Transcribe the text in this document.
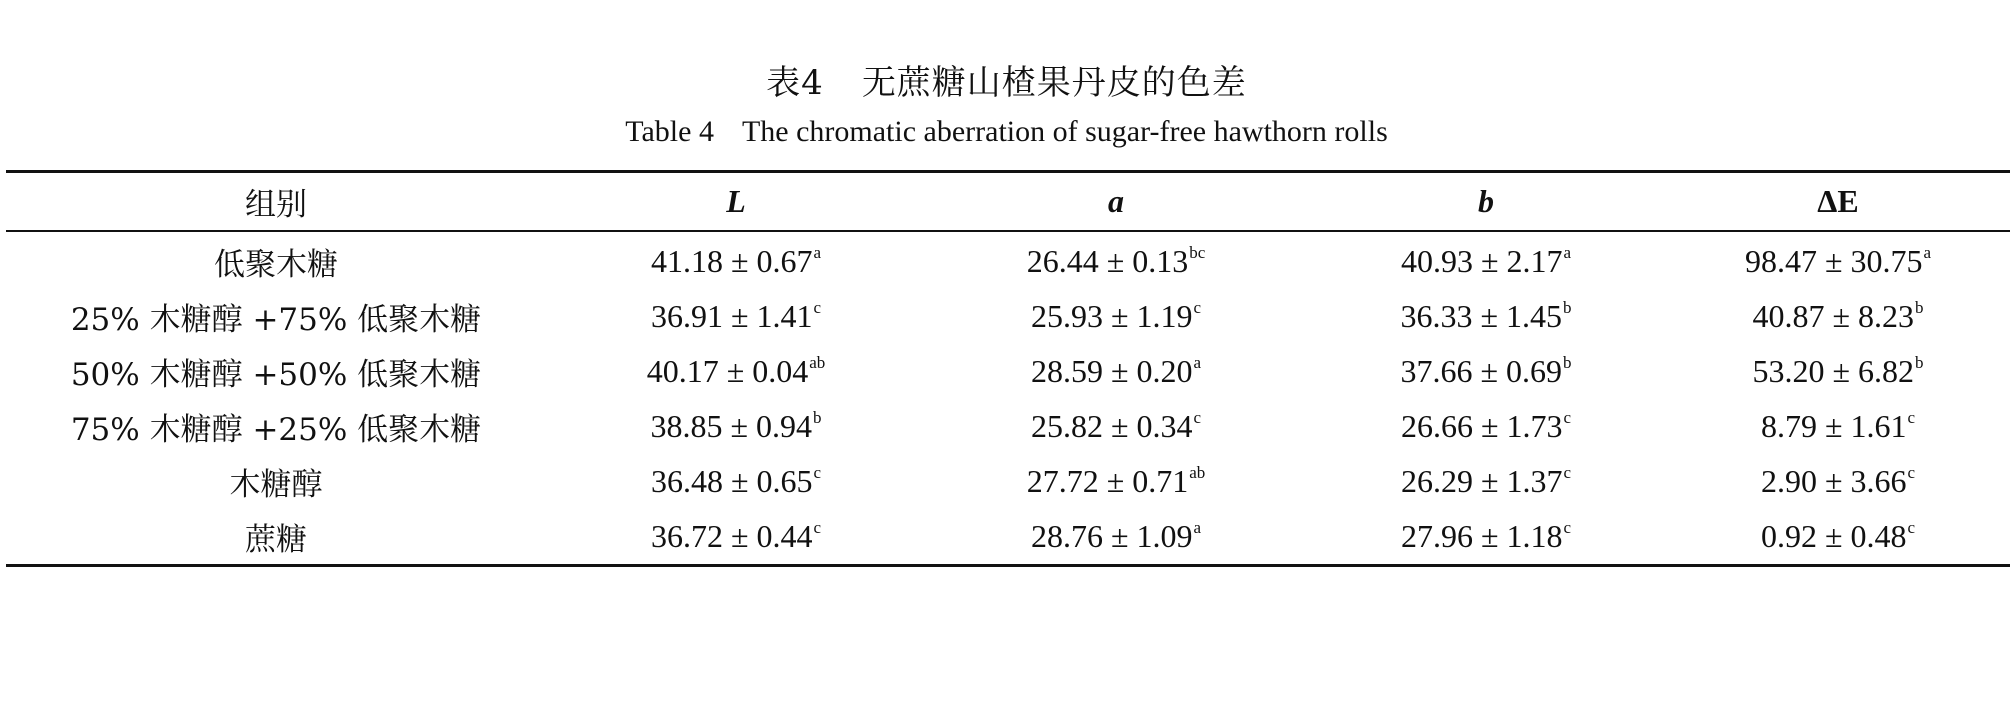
表4 无蔗糖山楂果丹皮的色差
Table 4 The chromatic aberration of sugar-free hawthorn rolls
组别	L	a	b	ΔE
低聚木糖	41.18 ± 0.67$^a$	26.44 ± 0.13$^{bc}$	40.93 ± 2.17$^a$	98.47 ± 30.75$^a$
25% 木糖醇 +75% 低聚木糖	36.91 ± 1.41$^c$	25.93 ± 1.19$^c$	36.33 ± 1.45$^b$	40.87 ± 8.23$^b$
50% 木糖醇 +50% 低聚木糖	40.17 ± 0.04$^{ab}$	28.59 ± 0.20$^a$	37.66 ± 0.69$^b$	53.20 ± 6.82$^b$
75% 木糖醇 +25% 低聚木糖	38.85 ± 0.94$^b$	25.82 ± 0.34$^c$	26.66 ± 1.73$^c$	8.79 ± 1.61$^c$
木糖醇	36.48 ± 0.65$^c$	27.72 ± 0.71$^{ab}$	26.29 ± 1.37$^c$	2.90 ± 3.66$^c$
蔗糖	36.72 ± 0.44$^c$	28.76 ± 1.09$^a$	27.96 ± 1.18$^c$	0.92 ± 0.48$^c$
